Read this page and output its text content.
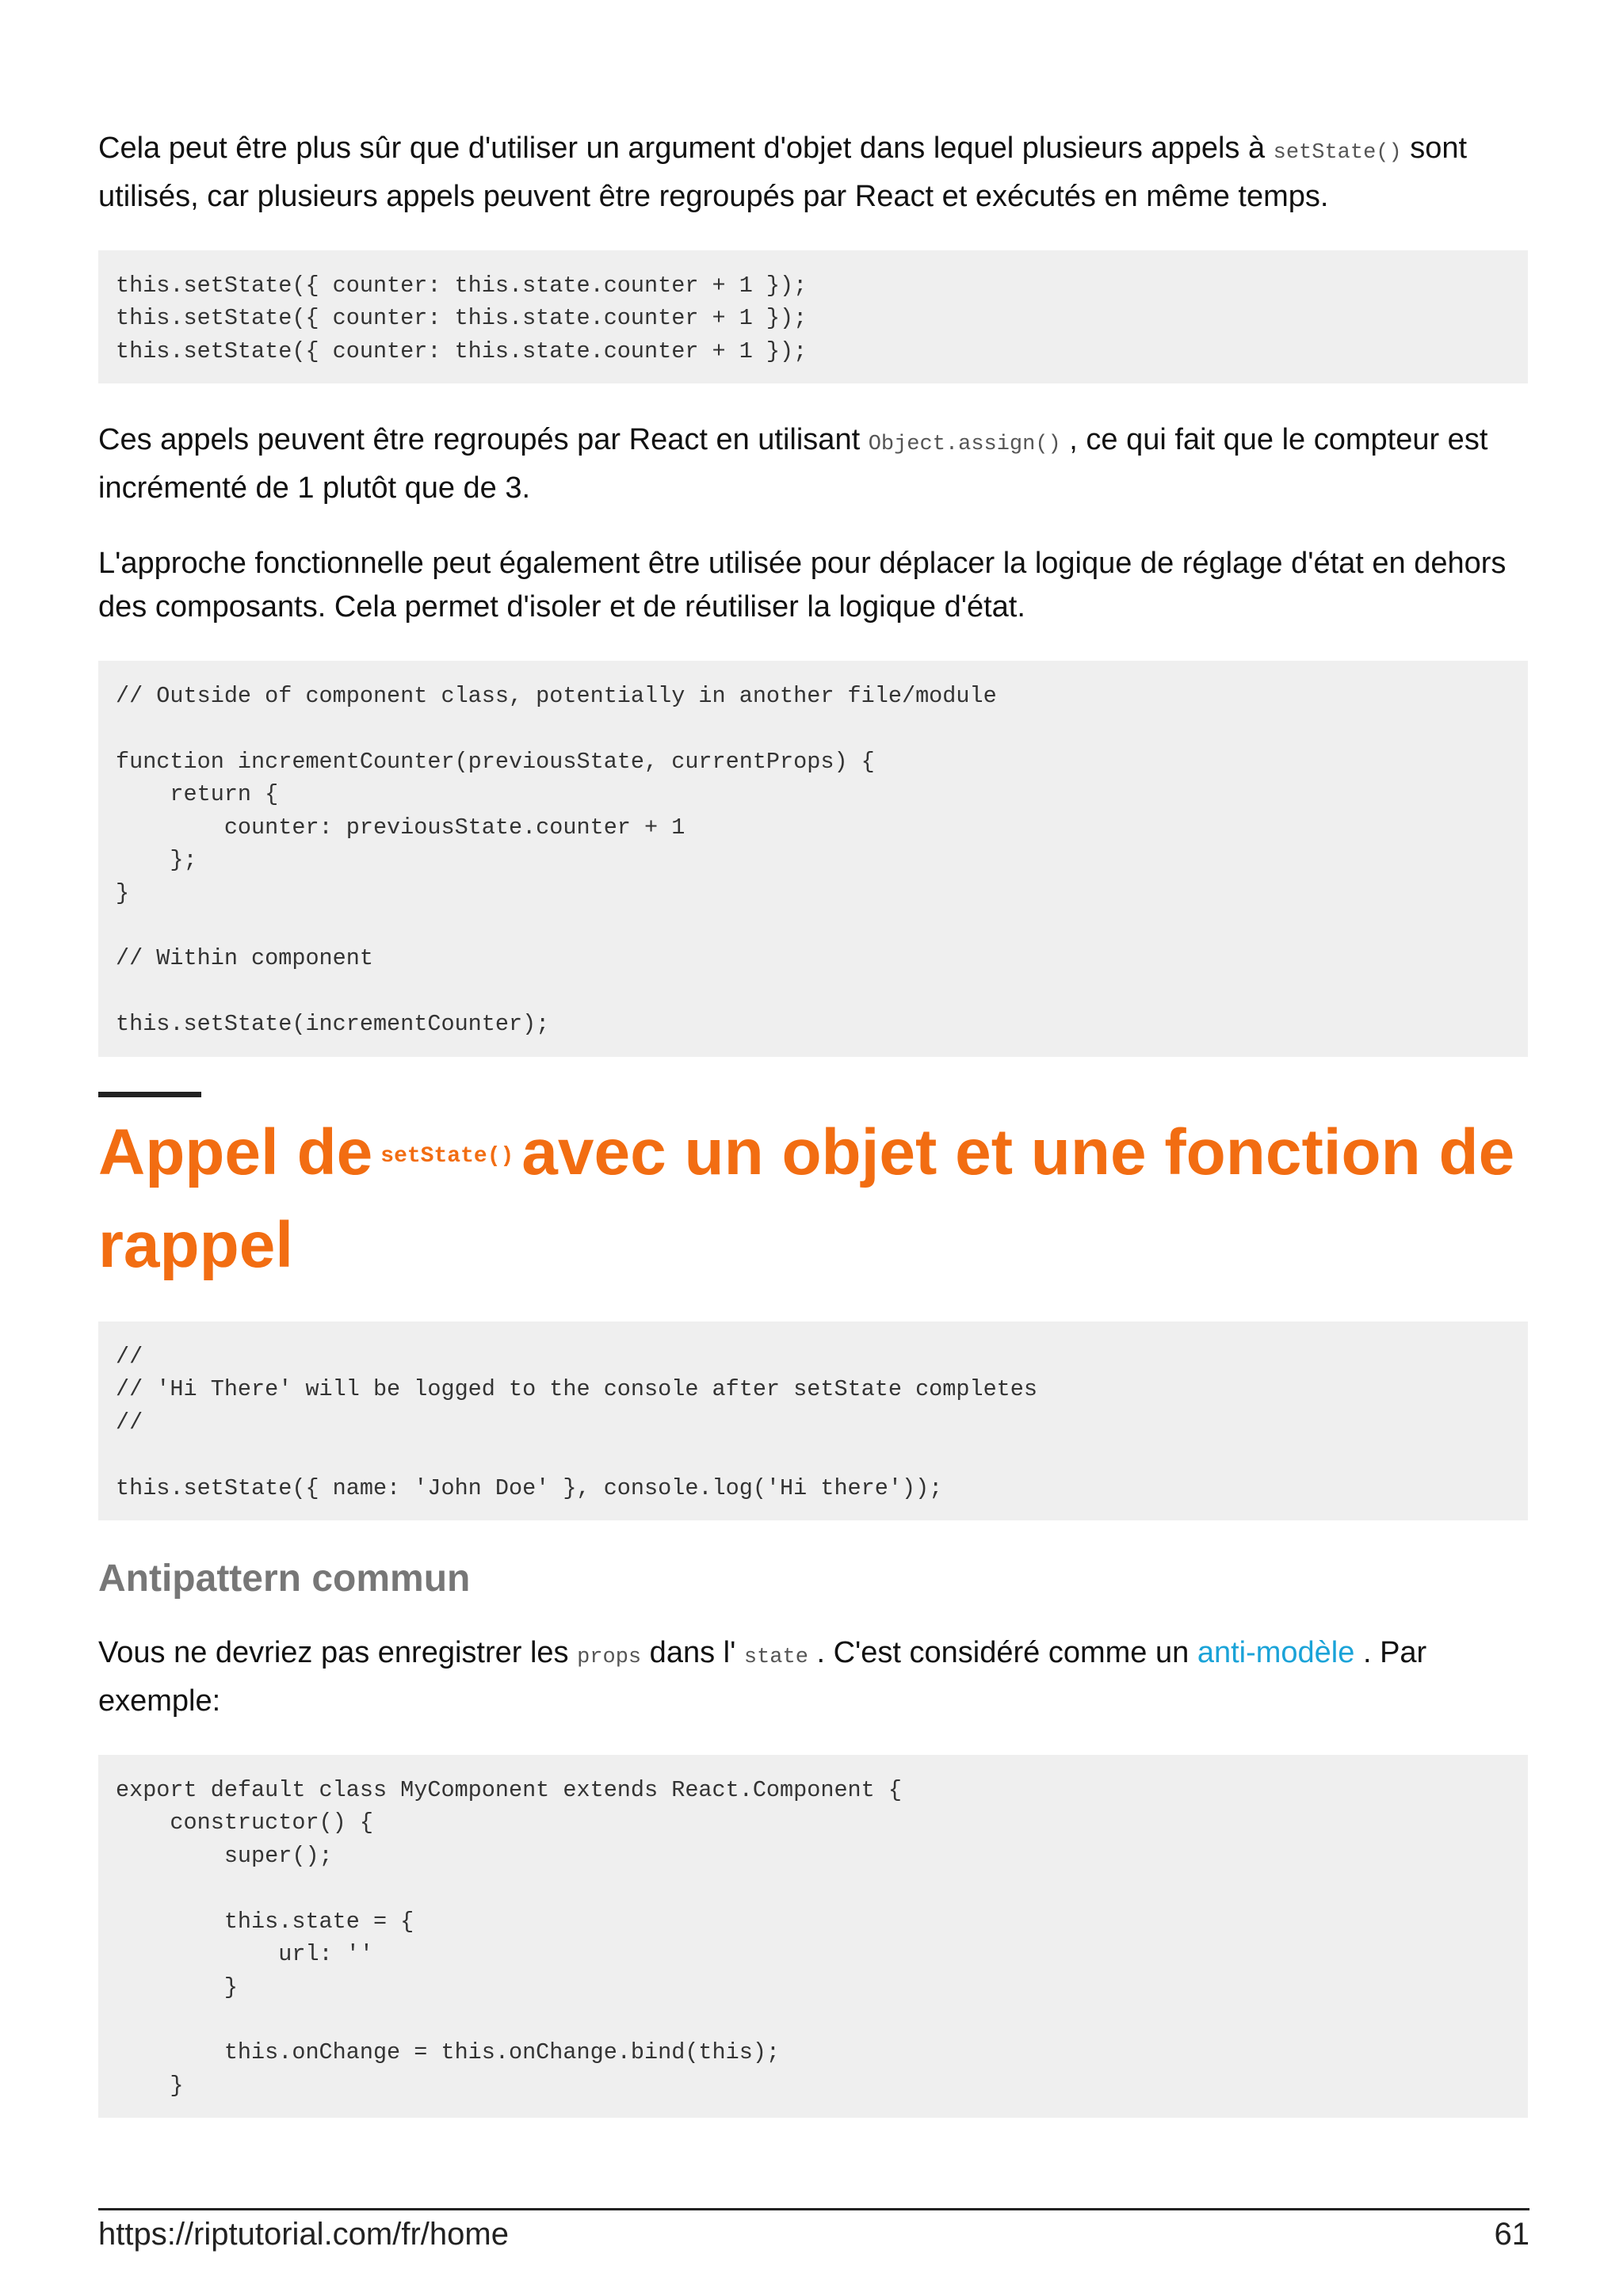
Cela peut être plus sûr que d'utiliser un argument d'objet dans lequel plusieurs appels à setState() sont utilisés, car plusieurs appels peuvent être regroupés par React et exécutés en même temps.

this.setState({ counter: this.state.counter + 1 });
this.setState({ counter: this.state.counter + 1 });
this.setState({ counter: this.state.counter + 1 });

Ces appels peuvent être regroupés par React en utilisant Object.assign() , ce qui fait que le compteur est incrémenté de 1 plutôt que de 3.

L'approche fonctionnelle peut également être utilisée pour déplacer la logique de réglage d'état en dehors des composants. Cela permet d'isoler et de réutiliser la logique d'état.

// Outside of component class, potentially in another file/module

function incrementCounter(previousState, currentProps) {
return {
counter: previousState.counter + 1
};
}

// Within component

this.setState(incrementCounter);
Appel de setState() avec un objet et une fonction de rappel
//
// 'Hi There' will be logged to the console after setState completes
//

this.setState({ name: 'John Doe' }, console.log('Hi there'));
Antipattern commun

Vous ne devriez pas enregistrer les props dans l' state . C'est considéré comme un anti-modèle . Par exemple:

export default class MyComponent extends React.Component {
constructor() {
super();

this.state = {
url: ''
}

this.onChange = this.onChange.bind(this);
}

https://riptutorial.com/fr/home	61
